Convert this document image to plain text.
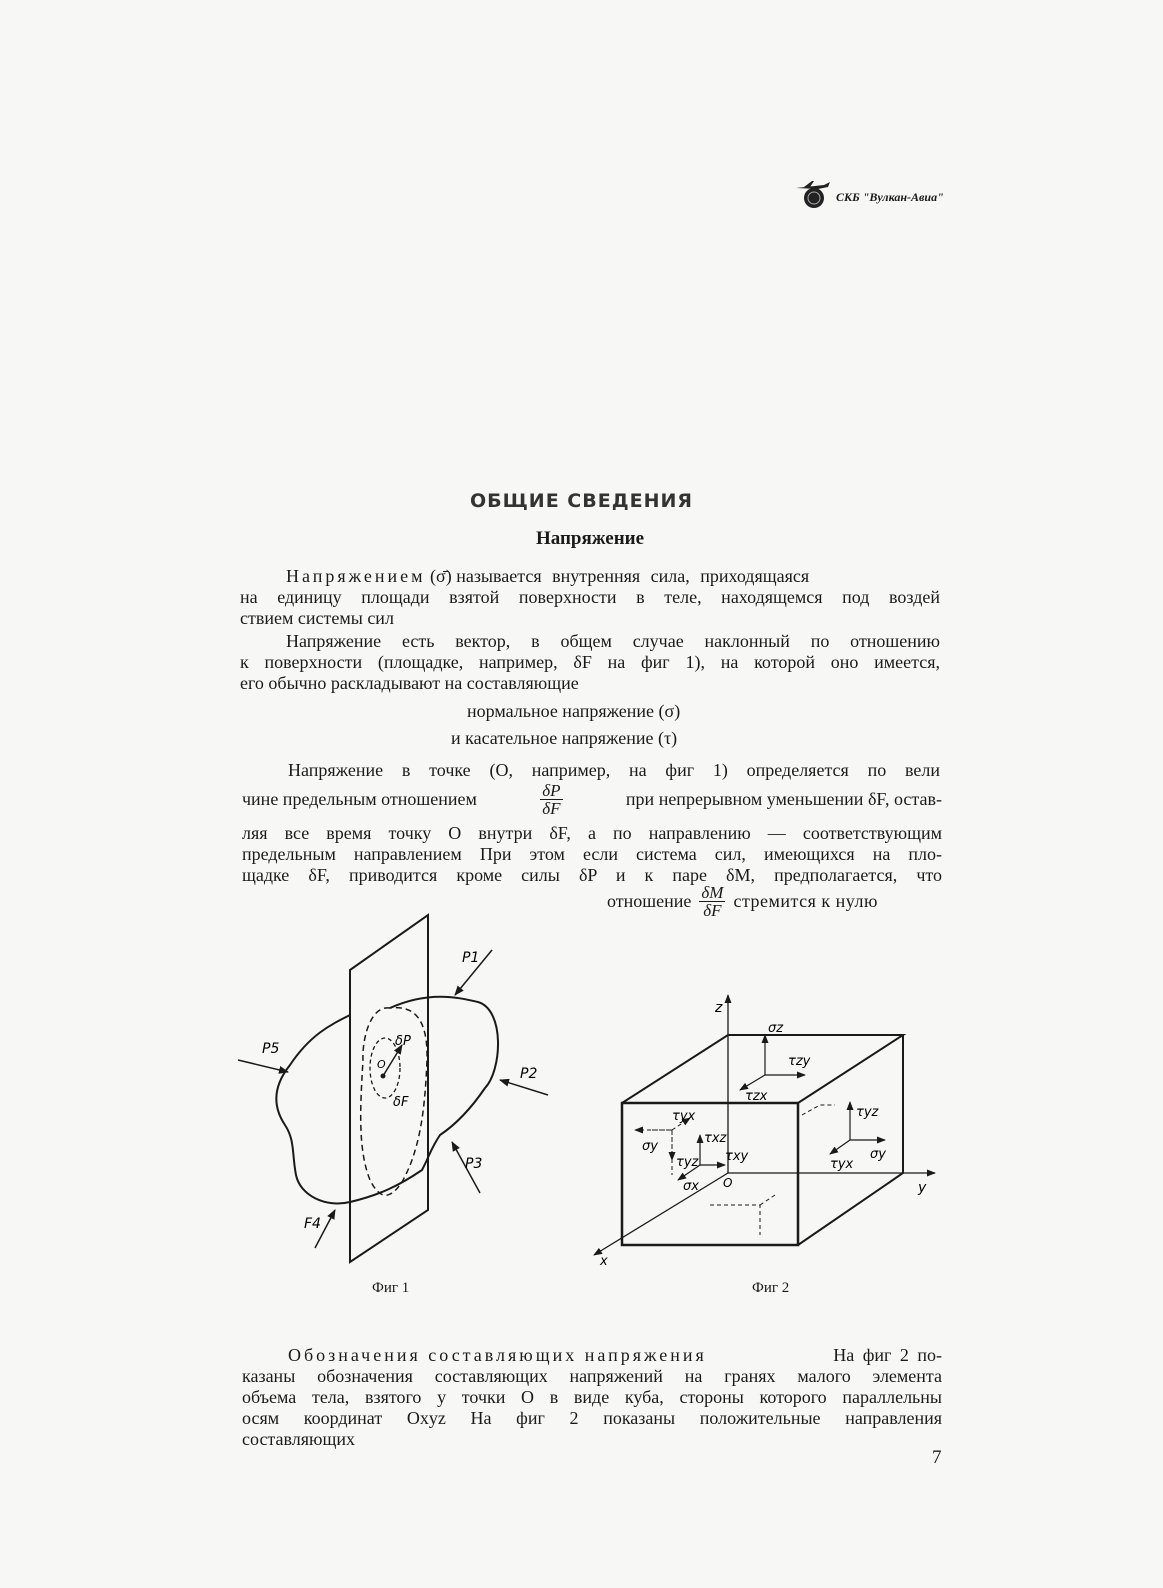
СКБ "Вулкан-Авиа"
ОБЩИЕ СВЕДЕНИЯ
Напряжение
Напряжением (σ̄) называется внутренняя сила, приходящаяся
на единицу площади взятой поверхности в теле, находящемся под воздей
ствием системы сил
Напряжение есть вектор, в общем случае наклонный по отношению
к поверхности (площадке, например, δF на фиг 1), на которой оно имеется,
его обычно раскладывают на составляющие
нормальное напряжение (σ)
и касательное напряжение (τ)
Напряжение в точке (O, например, на фиг 1) определяется по вели
чине предельным отношением	$\frac{\delta P}{\delta F}$	при непрерывном уменьшении δF, остав-
ляя все время точку O внутри δF, а по направлению — соответствующим
предельным направлением При этом если система сил, имеющихся на пло-
щадке δF, приводится кроме силы δP и к паре δM, предполагается, что
отношение $\frac{\delta M}{\delta F}$ стремится к нулю
P1
P2
P3
F4
P5	δP
δF
O
Фиг 1
z
y
x
O
σz
τzy
τzx
τyz
σy
τyx
τyx
σy
τyz
τxz
τxy
σx
Фиг 2
Обозначения составляющих напряжения	На фиг 2 по-
казаны обозначения составляющих напряжений на гранях малого элемента
объема тела, взятого у точки O в виде куба, стороны которого параллельны
осям координат Oxyz На фиг 2 показаны положительные направления
составляющих
7
